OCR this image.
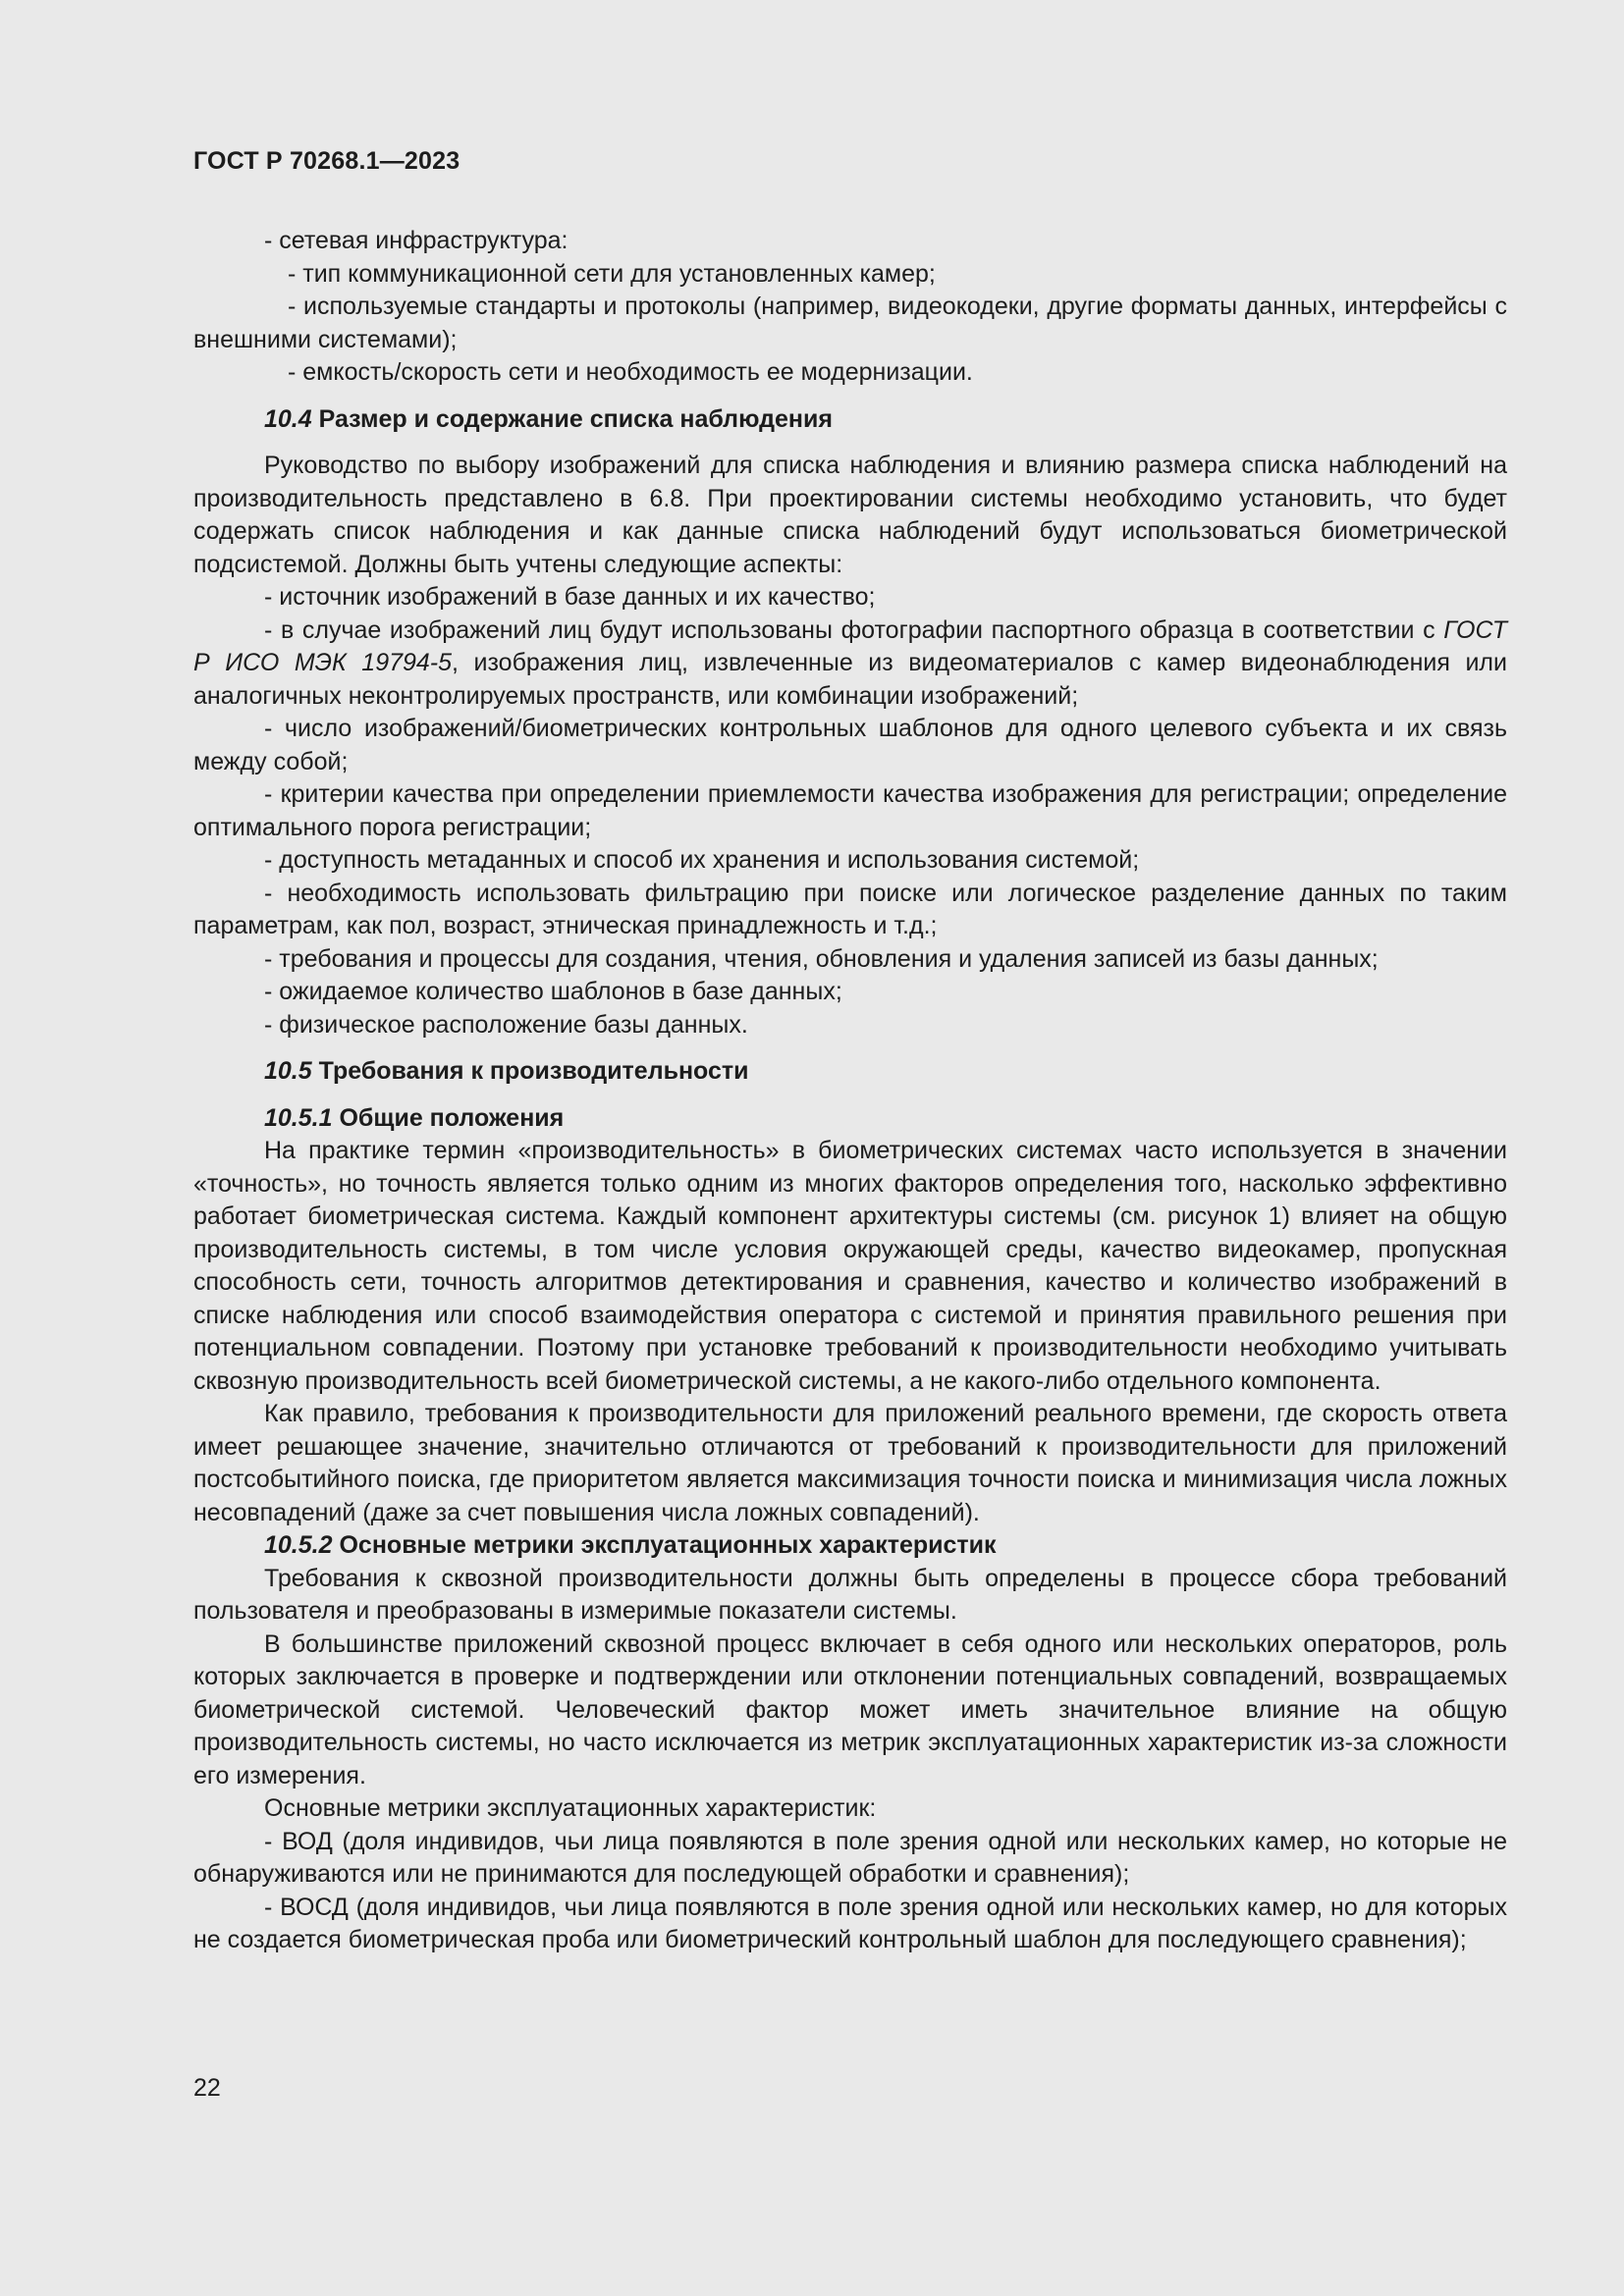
ГОСТ Р 70268.1—2023

- сетевая инфраструктура:

- тип коммуникационной сети для установленных камер;

- используемые стандарты и протоколы (например, видеокодеки, другие форматы данных, интерфейсы с внешними системами);

- емкость/скорость сети и необходимость ее модернизации.

10.4 Размер и содержание списка наблюдения

Руководство по выбору изображений для списка наблюдения и влиянию размера списка наблюдений на производительность представлено в 6.8. При проектировании системы необходимо установить, что будет содержать список наблюдения и как данные списка наблюдений будут использоваться биометрической подсистемой. Должны быть учтены следующие аспекты:

- источник изображений в базе данных и их качество;

- в случае изображений лиц будут использованы фотографии паспортного образца в соответствии с ГОСТ Р ИСО МЭК 19794-5, изображения лиц, извлеченные из видеоматериалов с камер видеонаблюдения или аналогичных неконтролируемых пространств, или комбинации изображений;

- число изображений/биометрических контрольных шаблонов для одного целевого субъекта и их связь между собой;

- критерии качества при определении приемлемости качества изображения для регистрации; определение оптимального порога регистрации;

- доступность метаданных и способ их хранения и использования системой;

- необходимость использовать фильтрацию при поиске или логическое разделение данных по таким параметрам, как пол, возраст, этническая принадлежность и т.д.;

- требования и процессы для создания, чтения, обновления и удаления записей из базы данных;

- ожидаемое количество шаблонов в базе данных;

- физическое расположение базы данных.

10.5 Требования к производительности

10.5.1 Общие положения

На практике термин «производительность» в биометрических системах часто используется в значении «точность», но точность является только одним из многих факторов определения того, насколько эффективно работает биометрическая система. Каждый компонент архитектуры системы (см. рисунок 1) влияет на общую производительность системы, в том числе условия окружающей среды, качество видеокамер, пропускная способность сети, точность алгоритмов детектирования и сравнения, качество и количество изображений в списке наблюдения или способ взаимодействия оператора с системой и принятия правильного решения при потенциальном совпадении. Поэтому при установке требований к производительности необходимо учитывать сквозную производительность всей биометрической системы, а не какого-либо отдельного компонента.

Как правило, требования к производительности для приложений реального времени, где скорость ответа имеет решающее значение, значительно отличаются от требований к производительности для приложений постсобытийного поиска, где приоритетом является максимизация точности поиска и минимизация числа ложных несовпадений (даже за счет повышения числа ложных совпадений).

10.5.2 Основные метрики эксплуатационных характеристик

Требования к сквозной производительности должны быть определены в процессе сбора требований пользователя и преобразованы в измеримые показатели системы.

В большинстве приложений сквозной процесс включает в себя одного или нескольких операторов, роль которых заключается в проверке и подтверждении или отклонении потенциальных совпадений, возвращаемых биометрической системой. Человеческий фактор может иметь значительное влияние на общую производительность системы, но часто исключается из метрик эксплуатационных характеристик из-за сложности его измерения.

Основные метрики эксплуатационных характеристик:

- ВОД (доля индивидов, чьи лица появляются в поле зрения одной или нескольких камер, но которые не обнаруживаются или не принимаются для последующей обработки и сравнения);

- ВОСД (доля индивидов, чьи лица появляются в поле зрения одной или нескольких камер, но для которых не создается биометрическая проба или биометрический контрольный шаблон для последующего сравнения);

22
